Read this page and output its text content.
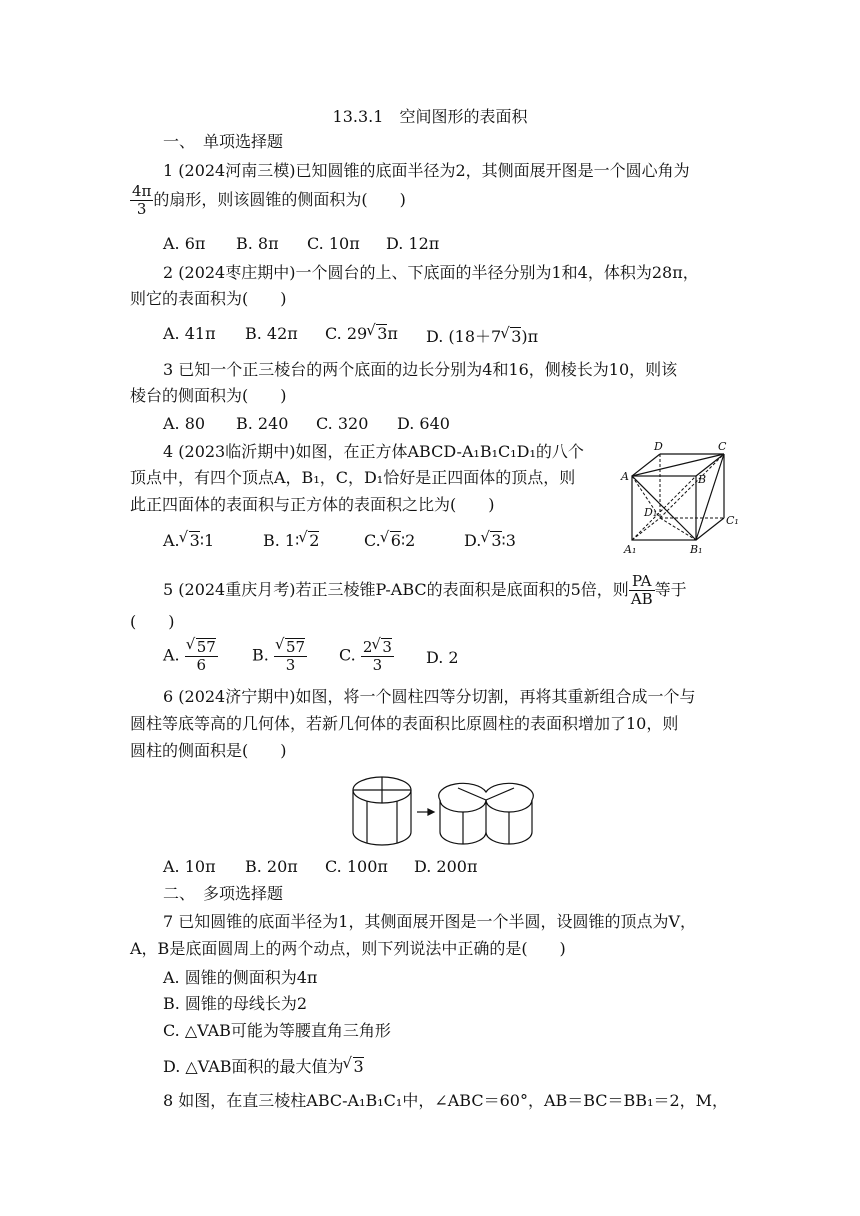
13.3.1　空间图形的表面积
一、　单项选择题
1 (2024河南三模)已知圆锥的底面半径为2，其侧面展开图是一个圆心角为
$\frac{4\pi}{3}$ 的扇形，则该圆锥的侧面积为(　　)
A. 6π B. 8π C. 10π D. 12π
2 (2024枣庄期中)一个圆台的上、下底面的半径分别为1和4，体积为28π，
则它的表面积为(　　)
A. 41π B. 42π C. 29 √ 3π D. (18＋7 √ 3)π
3 已知一个正三棱台的两个底面的边长分别为4和16，侧棱长为10，则该
棱台的侧面积为(　　)
A. 80 B. 240 C. 320 D. 640
4 (2023临沂期中)如图，在正方体ABCD-A₁B₁C₁D₁的八个
顶点中，有四个顶点A，B₁，C，D₁恰好是正四面体的顶点，则
此正四面体的表面积与正方体的表面积之比为(　　)
A. √ 3∶1	B. 1∶ √ 2	C. √ 6∶2	D. √ 3∶3
D	C
A	B
D₁
C₁
A₁	B₁
5 (2024重庆月考)若正三棱锥P-ABC的表面积是底面积的5倍，则 $\frac{PA}{AB}$ 等于
(　　)
A. √ $\frac{57}{6} B$. √ $\frac{57}{3} C$. $\frac{2 √ 3}{3} D$. 2
6 (2024济宁期中)如图，将一个圆柱四等分切割，再将其重新组合成一个与
圆柱等底等高的几何体，若新几何体的表面积比原圆柱的表面积增加了10，则
圆柱的侧面积是(　　)
A. 10π B. 20π C. 100π D. 200π
二、　多项选择题
7 已知圆锥的底面半径为1，其侧面展开图是一个半圆，设圆锥的顶点为V，
A，B是底面圆周上的两个动点，则下列说法中正确的是(　　)
A. 圆锥的侧面积为4π
B. 圆锥的母线长为2
C. △VAB可能为等腰直角三角形
D. △VAB面积的最大值为 √ 3
8 如图，在直三棱柱ABC-A₁B₁C₁中，∠ABC＝60°，AB＝BC＝BB₁＝2，M，
